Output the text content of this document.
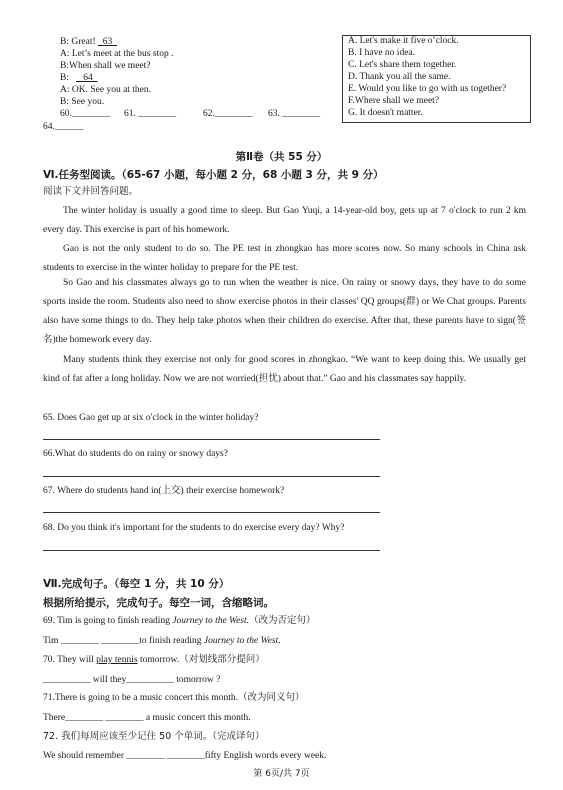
B: Great! 63
A: Let’s meet at the bus stop .
B:When shall we meet?
B: 64
A: OK. See you at then.
B: See you.
60.________ 61. ________	62.________ 63. ________
64.______
A. Let's make it five o’clock.
B. I have no idea.
C. Let's share them together.
D. Thank you all the same.
E. Would you like to go with us together?
F.Where shall we meet?
G. It doesn't matter.
第Ⅱ卷（共 55 分）
Ⅵ.任务型阅读。（65-67 小题，每小题 2 分，68 小题 3 分，共 9 分）
阅读下文并回答问题。
The winter holiday is usually a good time to sleep. But Gao Yuqi, a 14-year-old boy, gets up at 7 o'clock to run 2 km every day. This exercise is part of his homework.
Gao is not the only student to do so. The PE test in zhongkao has more scores now. So many schools in China ask students to exercise in the winter holiday to prepare for the PE test.
So Gao and his classmates always go to run when the weather is nice. On rainy or snowy days, they have to do some sports inside the room. Students also need to show exercise photos in their classes' QQ groups(群) or We Chat groups. Parents also have some things to do. They help take photos when their children do exercise. After that, these parents have to sign(签名)the homework every day.
Many students think they exercise not only for good scores in zhongkao. “We want to keep doing this. We usually get kind of fat after a long holiday. Now we are not worried(担忧) about that.” Gao and his classmates say happily.
65. Does Gao get up at six o'clock in the winter holiday?
66.What do students do on rainy or snowy days?
67. Where do students hand in(上交) their exercise homework?
68. Do you think it's important for the students to do exercise every day? Why?
Ⅶ.完成句子。（每空 1 分，共 10 分）
根据所给提示，完成句子。每空一词，含缩略词。
69. Tim is going to finish reading Journey to the West.（改为否定句）
Tim ________ ________to finish reading Journey to the West.
70. They will play tennis tomorrow.（对划线部分提问）
__________ will they__________ tomorrow ?
71.There is going to be a music concert this month.（改为同义句）
There________ ________ a music concert this month.
72. 我们每周应该至少记住 50 个单词。（完成译句）
We should remember ________ ________fifty English words every week.
第 6页/共 7页
